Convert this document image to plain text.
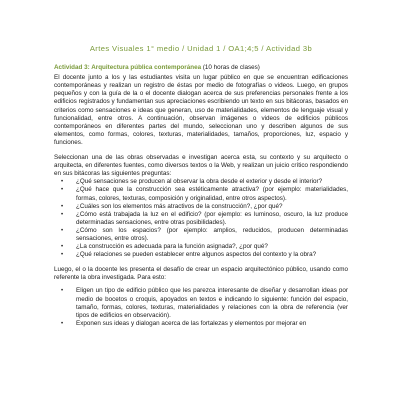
Artes Visuales 1° medio / Unidad 1 / OA1;4;5 / Actividad 3b
Actividad 3: Arquitectura pública contemporánea (10 horas de clases)

El docente junto a los y las estudiantes visita un lugar público en que se encuentran edificaciones contemporáneas y realizan un registro de éstas por medio de fotografías o videos. Luego, en grupos pequeños y con la guía de la o el docente dialogan acerca de sus preferencias personales frente a los edificios registrados y fundamentan sus apreciaciones escribiendo un texto en sus bitácoras, basados en criterios como sensaciones e ideas que generan, uso de materialidades, elementos de lenguaje visual y funcionalidad, entre otros. A continuación, observan imágenes o videos de edificios públicos contemporáneos en diferentes partes del mundo, seleccionan uno y describen algunos de sus elementos, como formas, colores, texturas, materialidades, tamaños, proporciones, luz, espacio y funciones.

Seleccionan una de las obras observadas e investigan acerca esta, su contexto y su arquitecto o arquitecta, en diferentes fuentes, como diversos textos o la Web, y realizan un juicio crítico respondiendo en sus bitácoras las siguientes preguntas:

• ¿Qué sensaciones se producen al observar la obra desde el exterior y desde el interior?
• ¿Qué hace que la construcción sea estéticamente atractiva? (por ejemplo: materialidades, formas, colores, texturas, composición y originalidad, entre otros aspectos).
• ¿Cuáles son los elementos más atractivos de la construcción?, ¿por qué?
• ¿Cómo está trabajada la luz en el edificio? (por ejemplo: es luminoso, oscuro, la luz produce determinadas sensaciones, entre otras posibilidades).
• ¿Cómo son los espacios? (por ejemplo: amplios, reducidos, producen determinadas sensaciones, entre otros).
• ¿La construcción es adecuada para la función asignada?, ¿por qué?
• ¿Qué relaciones se pueden establecer entre algunos aspectos del contexto y la obra?

Luego, el o la docente les presenta el desafío de crear un espacio arquitectónico público, usando como referente la obra investigada. Para esto:

• Eligen un tipo de edificio público que les parezca interesante de diseñar y desarrollan ideas por medio de bocetos o croquis, apoyados en textos e indicando lo siguiente: función del espacio, tamaño, formas, colores, texturas, materialidades y relaciones con la obra de referencia (ver tipos de edificios en observación).
• Exponen sus ideas y dialogan acerca de las fortalezas y elementos por mejorar en
